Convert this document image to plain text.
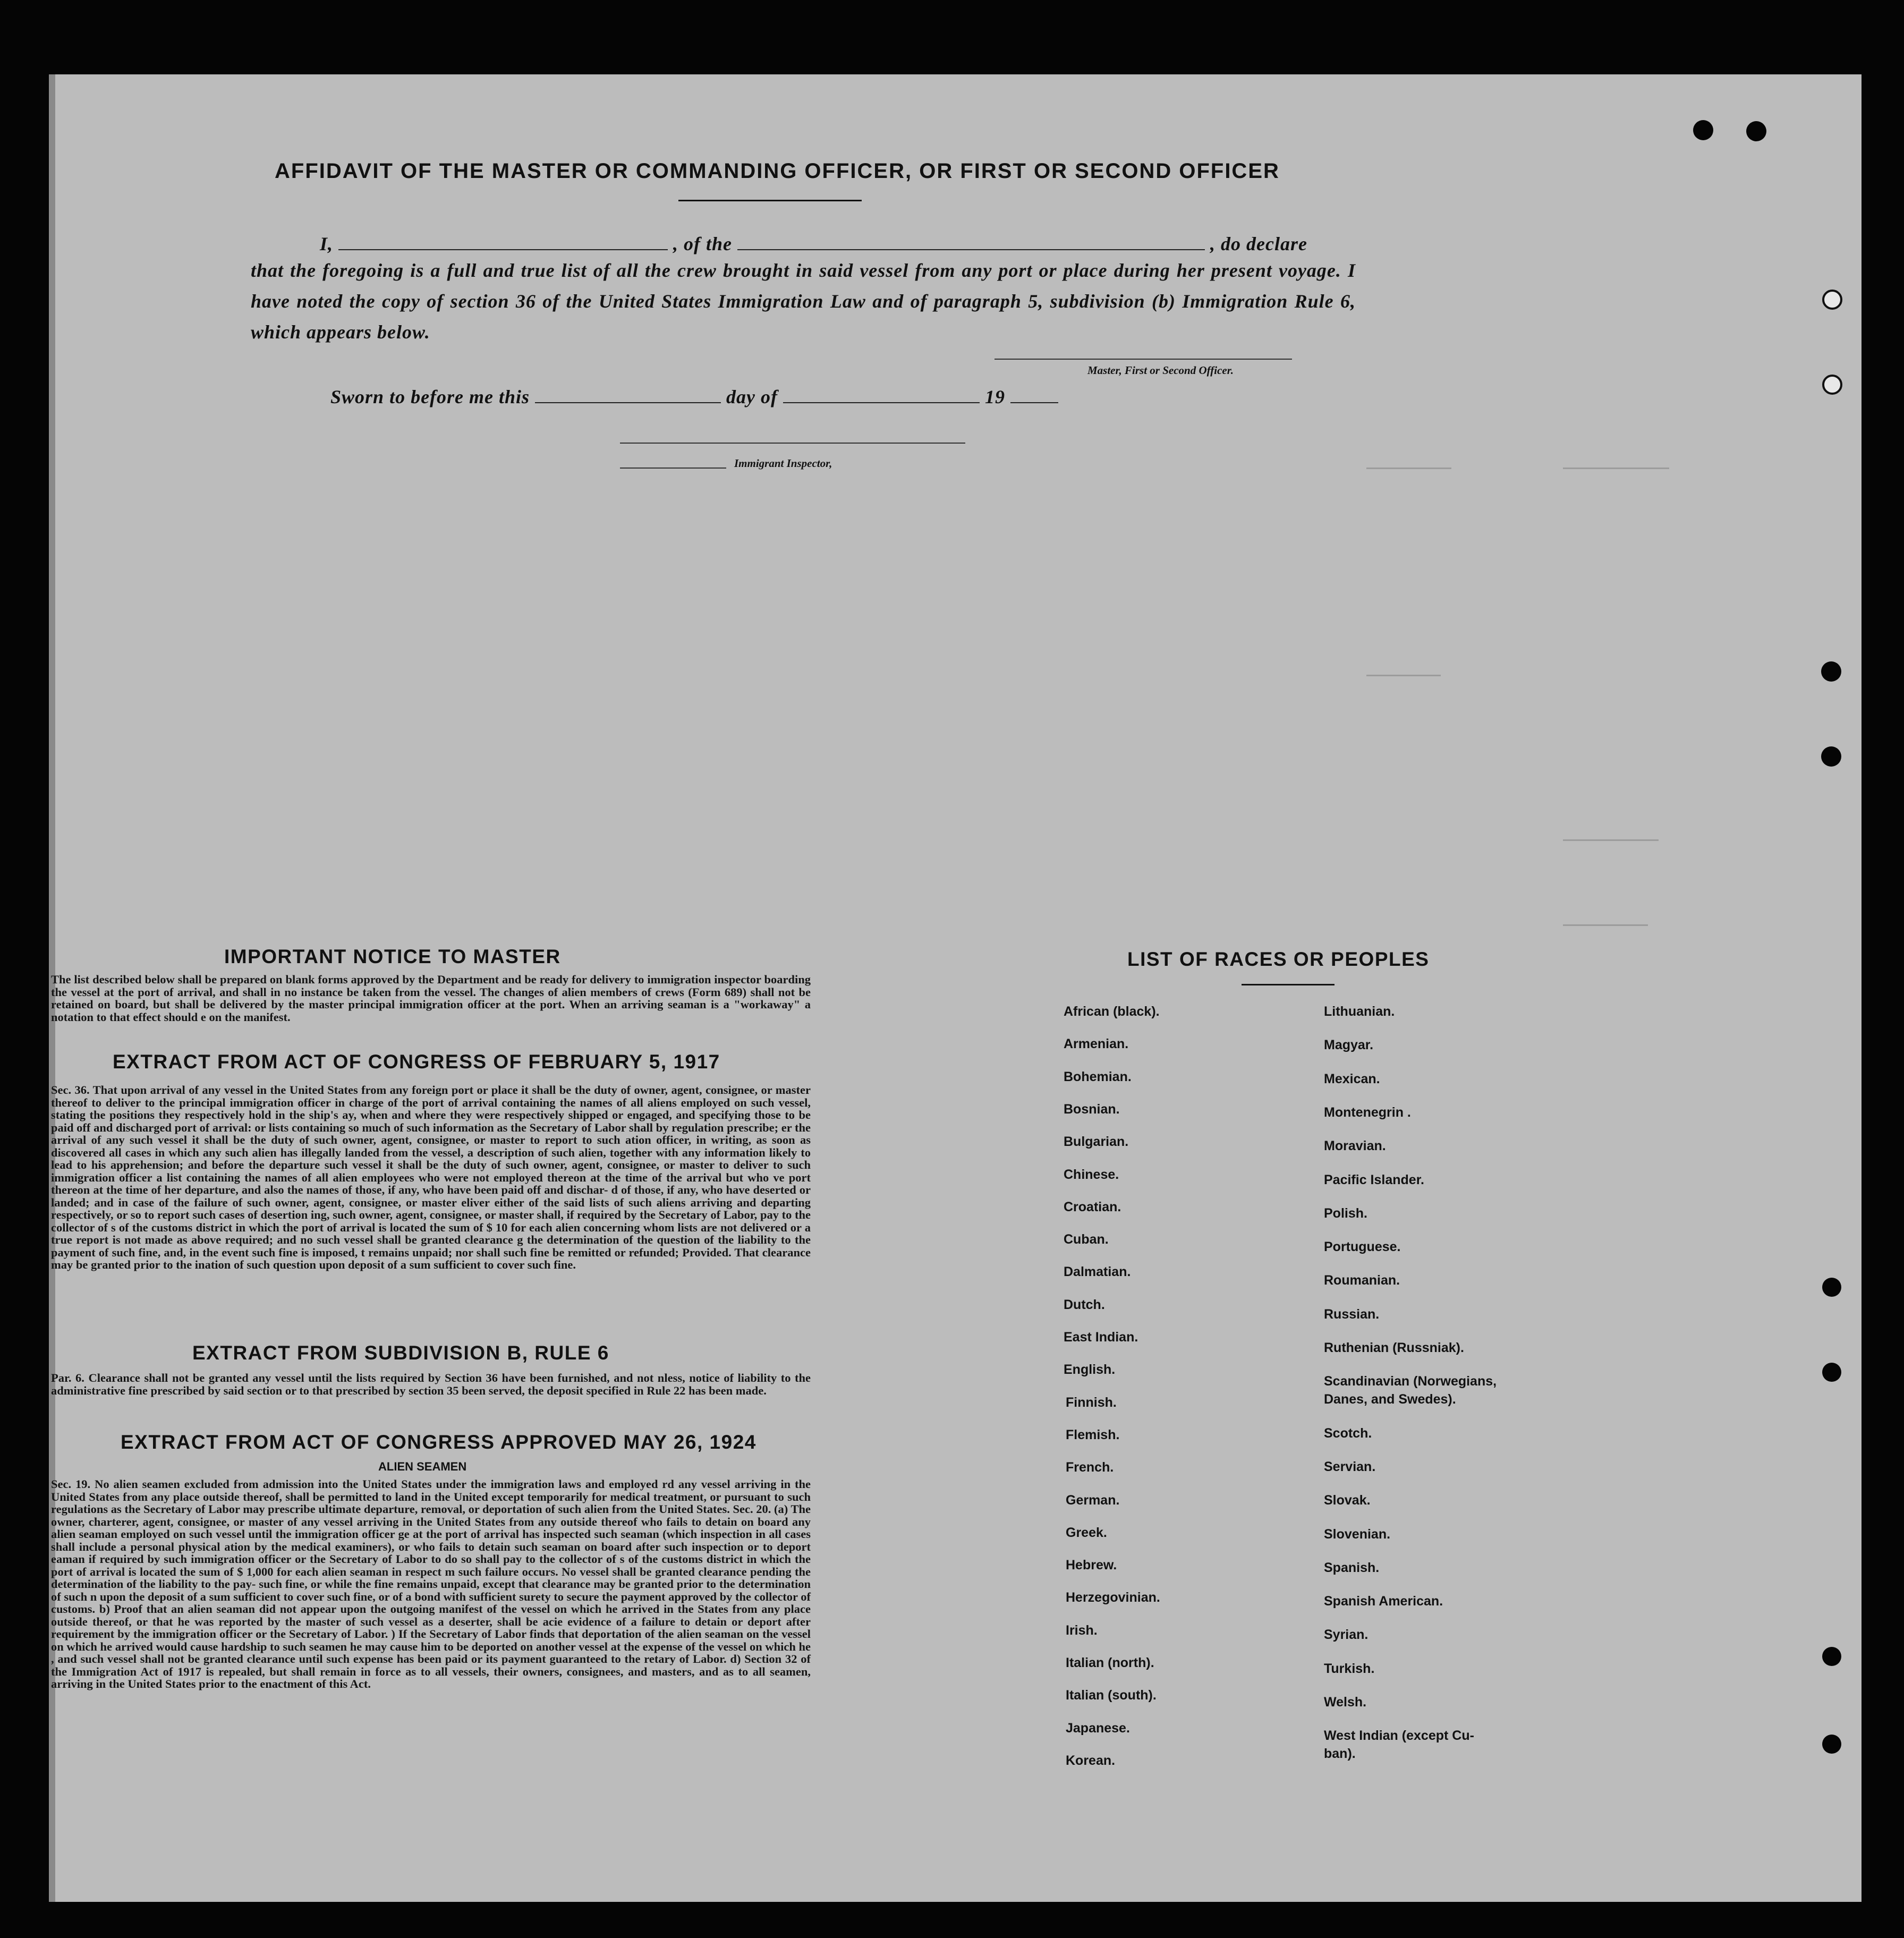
AFFIDAVIT OF THE MASTER OR COMMANDING OFFICER, OR FIRST OR SECOND OFFICER
I,	, of the	, do declare
that the foregoing is a full and true list of all the crew brought in said vessel from any port or place during her present voyage. I have noted the copy of section 36 of the United States Immigration Law and of paragraph 5, subdivision (b) Immigration Rule 6, which appears below.
Master, First or Second Officer.
Sworn to before me this	day of	19
Immigrant Inspector,
IMPORTANT NOTICE TO MASTER
The list described below shall be prepared on blank forms approved by the Department and be ready for delivery to immigration inspector boarding the vessel at the port of arrival, and shall in no instance be taken from the vessel. The changes of alien members of crews (Form 689) shall not be retained on board, but shall be delivered by the master principal immigration officer at the port. When an arriving seaman is a "workaway" a notation to that effect should e on the manifest.
EXTRACT FROM ACT OF CONGRESS OF FEBRUARY 5, 1917
Sec. 36. That upon arrival of any vessel in the United States from any foreign port or place it shall be the duty of owner, agent, consignee, or master thereof to deliver to the principal immigration officer in charge of the port of arrival containing the names of all aliens employed on such vessel, stating the positions they respectively hold in the ship's ay, when and where they were respectively shipped or engaged, and specifying those to be paid off and discharged port of arrival: or lists containing so much of such information as the Secretary of Labor shall by regulation prescribe; er the arrival of any such vessel it shall be the duty of such owner, agent, consignee, or master to report to such ation officer, in writing, as soon as discovered all cases in which any such alien has illegally landed from the vessel, a description of such alien, together with any information likely to lead to his apprehension; and before the departure such vessel it shall be the duty of such owner, agent, consignee, or master to deliver to such immigration officer a list containing the names of all alien employees who were not employed thereon at the time of the arrival but who ve port thereon at the time of her departure, and also the names of those, if any, who have been paid off and dischar- d of those, if any, who have deserted or landed; and in case of the failure of such owner, agent, consignee, or master eliver either of the said lists of such aliens arriving and departing respectively, or so to report such cases of desertion ing, such owner, agent, consignee, or master shall, if required by the Secretary of Labor, pay to the collector of s of the customs district in which the port of arrival is located the sum of $ 10 for each alien concerning whom lists are not delivered or a true report is not made as above required; and no such vessel shall be granted clearance g the determination of the question of the liability to the payment of such fine, and, in the event such fine is imposed, t remains unpaid; nor shall such fine be remitted or refunded; Provided. That clearance may be granted prior to the ination of such question upon deposit of a sum sufficient to cover such fine.
EXTRACT FROM SUBDIVISION B, RULE 6
Par. 6. Clearance shall not be granted any vessel until the lists required by Section 36 have been furnished, and not nless, notice of liability to the administrative fine prescribed by said section or to that prescribed by section 35 been served, the deposit specified in Rule 22 has been made.
EXTRACT FROM ACT OF CONGRESS APPROVED MAY 26, 1924
ALIEN SEAMEN
Sec. 19. No alien seamen excluded from admission into the United States under the immigration laws and employed rd any vessel arriving in the United States from any place outside thereof, shall be permitted to land in the United except temporarily for medical treatment, or pursuant to such regulations as the Secretary of Labor may prescribe ultimate departure, removal, or deportation of such alien from the United States. Sec. 20. (a) The owner, charterer, agent, consignee, or master of any vessel arriving in the United States from any outside thereof who fails to detain on board any alien seaman employed on such vessel until the immigration officer ge at the port of arrival has inspected such seaman (which inspection in all cases shall include a personal physical ation by the medical examiners), or who fails to detain such seaman on board after such inspection or to deport eaman if required by such immigration officer or the Secretary of Labor to do so shall pay to the collector of s of the customs district in which the port of arrival is located the sum of $ 1,000 for each alien seaman in respect m such failure occurs. No vessel shall be granted clearance pending the determination of the liability to the pay- such fine, or while the fine remains unpaid, except that clearance may be granted prior to the determination of such n upon the deposit of a sum sufficient to cover such fine, or of a bond with sufficient surety to secure the payment approved by the collector of customs. b) Proof that an alien seaman did not appear upon the outgoing manifest of the vessel on which he arrived in the States from any place outside thereof, or that he was reported by the master of such vessel as a deserter, shall be acie evidence of a failure to detain or deport after requirement by the immigration officer or the Secretary of Labor. ) If the Secretary of Labor finds that deportation of the alien seaman on the vessel on which he arrived would cause hardship to such seamen he may cause him to be deported on another vessel at the expense of the vessel on which he , and such vessel shall not be granted clearance until such expense has been paid or its payment guaranteed to the retary of Labor. d) Section 32 of the Immigration Act of 1917 is repealed, but shall remain in force as to all vessels, their owners, consignees, and masters, and as to all seamen, arriving in the United States prior to the enactment of this Act.
LIST OF RACES OR PEOPLES
African (black).
Armenian.
Bohemian.
Bosnian.
Bulgarian.
Chinese.
Croatian.
Cuban.
Dalmatian.
Dutch.
East Indian.
English.
Finnish.
Flemish.
French.
German.
Greek.
Hebrew.
Herzegovinian.
Irish.
Italian (north).
Italian (south).
Japanese.
Korean.
Lithuanian.
Magyar.
Mexican.
Montenegrin .
Moravian.
Pacific Islander.
Polish.
Portuguese.
Roumanian.
Russian.
Ruthenian (Russniak).
Scandinavian (Norwegians,
Danes, and Swedes).
Scotch.
Servian.
Slovak.
Slovenian.
Spanish.
Spanish American.
Syrian.
Turkish.
Welsh.
West Indian (except Cu-
ban).
